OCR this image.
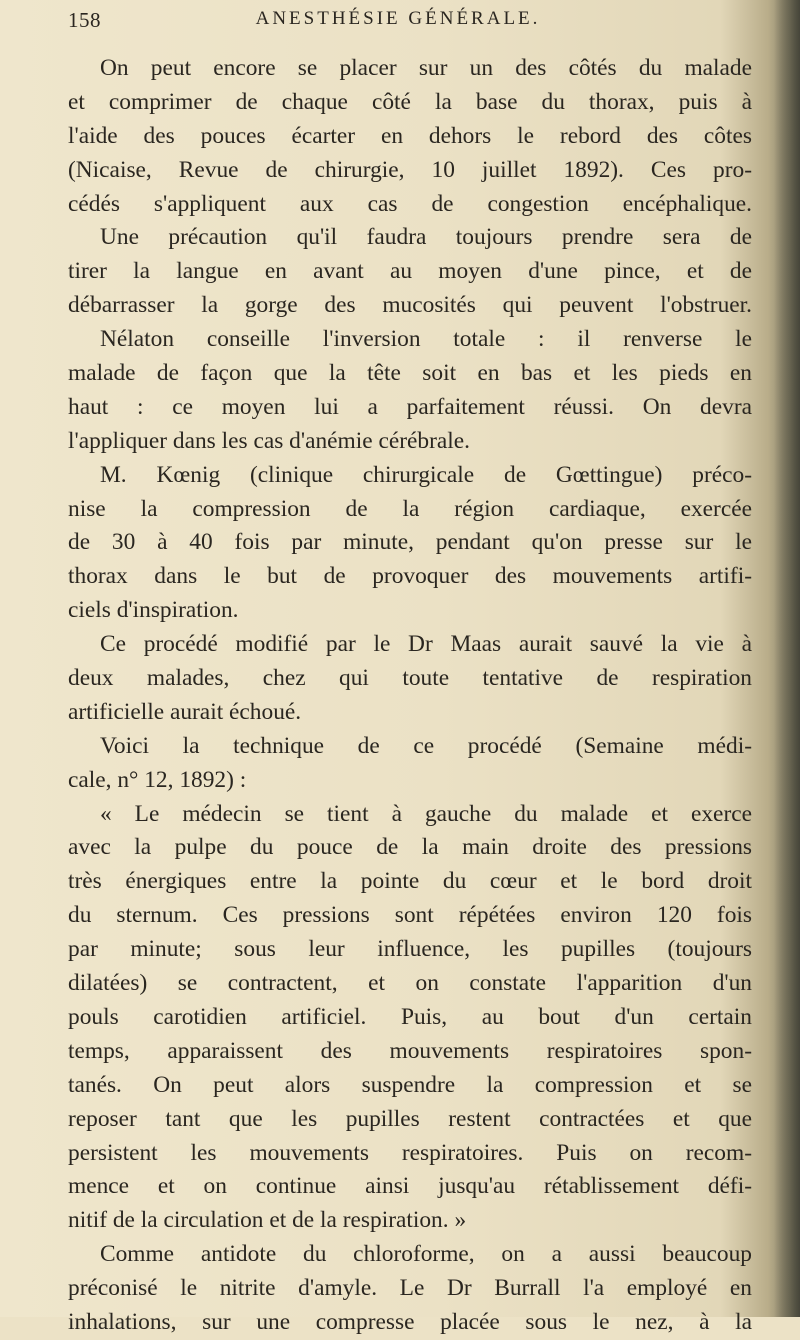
158	ANESTHÉSIE GÉNÉRALE.
On peut encore se placer sur un des côtés du malade
et comprimer de chaque côté la base du thorax, puis à
l'aide des pouces écarter en dehors le rebord des côtes
(Nicaise, Revue de chirurgie, 10 juillet 1892). Ces pro-
cédés s'appliquent aux cas de congestion encéphalique.
Une précaution qu'il faudra toujours prendre sera de
tirer la langue en avant au moyen d'une pince, et de
débarrasser la gorge des mucosités qui peuvent l'obstruer.
Nélaton conseille l'inversion totale : il renverse le
malade de façon que la tête soit en bas et les pieds en
haut : ce moyen lui a parfaitement réussi. On devra
l'appliquer dans les cas d'anémie cérébrale.
M. Kœnig (clinique chirurgicale de Gœttingue) préco-
nise la compression de la région cardiaque, exercée
de 30 à 40 fois par minute, pendant qu'on presse sur le
thorax dans le but de provoquer des mouvements artifi-
ciels d'inspiration.
Ce procédé modifié par le Dr Maas aurait sauvé la vie à
deux malades, chez qui toute tentative de respiration
artificielle aurait échoué.
Voici la technique de ce procédé (Semaine médi-
cale, n° 12, 1892) :
« Le médecin se tient à gauche du malade et exerce
avec la pulpe du pouce de la main droite des pressions
très énergiques entre la pointe du cœur et le bord droit
du sternum. Ces pressions sont répétées environ 120 fois
par minute; sous leur influence, les pupilles (toujours
dilatées) se contractent, et on constate l'apparition d'un
pouls carotidien artificiel. Puis, au bout d'un certain
temps, apparaissent des mouvements respiratoires spon-
tanés. On peut alors suspendre la compression et se
reposer tant que les pupilles restent contractées et que
persistent les mouvements respiratoires. Puis on recom-
mence et on continue ainsi jusqu'au rétablissement défi-
nitif de la circulation et de la respiration. »
Comme antidote du chloroforme, on a aussi beaucoup
préconisé le nitrite d'amyle. Le Dr Burrall l'a employé en
inhalations, sur une compresse placée sous le nez, à la
